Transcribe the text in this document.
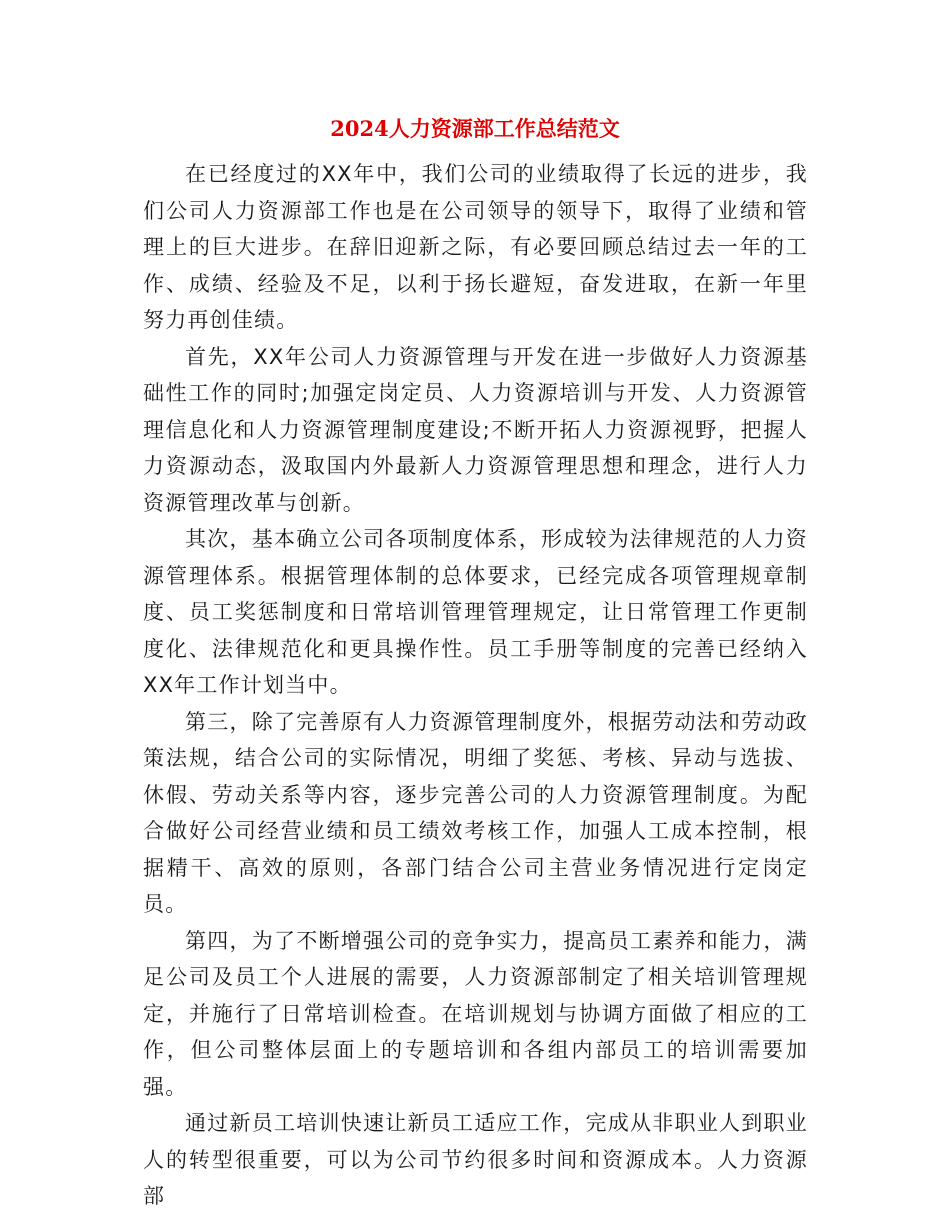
2024人力资源部工作总结范文

在已经度过的XX年中，我们公司的业绩取得了长远的进步，我们公司人力资源部工作也是在公司领导的领导下，取得了业绩和管理上的巨大进步。在辞旧迎新之际，有必要回顾总结过去一年的工作、成绩、经验及不足，以利于扬长避短，奋发进取，在新一年里努力再创佳绩。

首先，XX年公司人力资源管理与开发在进一步做好人力资源基础性工作的同时;加强定岗定员、人力资源培训与开发、人力资源管理信息化和人力资源管理制度建设;不断开拓人力资源视野，把握人力资源动态，汲取国内外最新人力资源管理思想和理念，进行人力资源管理改革与创新。

其次，基本确立公司各项制度体系，形成较为法律规范的人力资源管理体系。根据管理体制的总体要求，已经完成各项管理规章制度、员工奖惩制度和日常培训管理管理规定，让日常管理工作更制度化、法律规范化和更具操作性。员工手册等制度的完善已经纳入XX年工作计划当中。

第三，除了完善原有人力资源管理制度外，根据劳动法和劳动政策法规，结合公司的实际情况，明细了奖惩、考核、异动与选拔、休假、劳动关系等内容，逐步完善公司的人力资源管理制度。为配合做好公司经营业绩和员工绩效考核工作，加强人工成本控制，根据精干、高效的原则，各部门结合公司主营业务情况进行定岗定员。

第四，为了不断增强公司的竞争实力，提高员工素养和能力，满足公司及员工个人进展的需要，人力资源部制定了相关培训管理规定，并施行了日常培训检查。在培训规划与协调方面做了相应的工作，但公司整体层面上的专题培训和各组内部员工的培训需要加强。

通过新员工培训快速让新员工适应工作，完成从非职业人到职业人的转型很重要，可以为公司节约很多时间和资源成本。人力资源部
